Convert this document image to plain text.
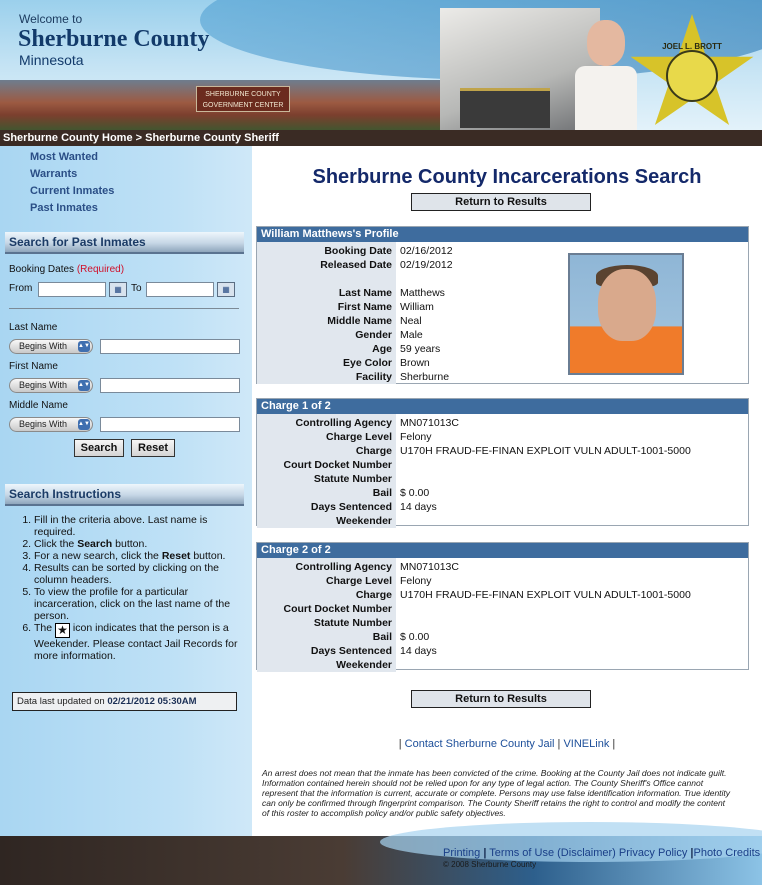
Welcome to
Sherburne County
Minnesota
SHERBURNE COUNTY GOVERNMENT CENTER
JOEL L. BROTT
Sherburne County Home > Sherburne County Sheriff
Most Wanted
Warrants
Current Inmates
Past Inmates
Search for Past Inmates
Booking Dates (Required)
From	▦ To	▦
Last Name
Begins With ▲▼
First Name
Begins With ▲▼
Middle Name
Begins With ▲▼
Search	Reset
Search Instructions
1. Fill in the criteria above. Last name is required.
2. Click the Search button.
3. For a new search, click the Reset button.
4. Results can be sorted by clicking on the column headers.
5. To view the profile for a particular incarceration, click on the last name of the person.
6. The ★ icon indicates that the person is a Weekender. Please contact Jail Records for more information.
Data last updated on 02/21/2012 05:30AM
Sherburne County Incarcerations Search
Return to Results
William Matthews's Profile
Booking Date 02/16/2012
Released Date 02/19/2012
Last Name Matthews
First Name William
Middle Name Neal
Gender Male
Age 59 years
Eye Color Brown
Facility Sherburne
Charge 1 of 2
Controlling Agency MN071013C
Charge Level Felony
Charge U170H FRAUD-FE-FINAN EXPLOIT VULN ADULT-1001-5000
Court Docket Number
Statute Number
Bail $ 0.00
Days Sentenced 14 days
Weekender
Charge 2 of 2
Controlling Agency MN071013C
Charge Level Felony
Charge U170H FRAUD-FE-FINAN EXPLOIT VULN ADULT-1001-5000
Court Docket Number
Statute Number
Bail $ 0.00
Days Sentenced 14 days
Weekender
Return to Results
| Contact Sherburne County Jail | VINELink |
An arrest does not mean that the inmate has been convicted of the crime. Booking at the County Jail does not indicate guilt. Information contained herein should not be relied upon for any type of legal action. The County Sheriff's Office cannot represent that the information is current, accurate or complete. Persons may use false identification information. True identity can only be confirmed through fingerprint comparison. The County Sheriff retains the right to control and modify the content of this roster to accomplish policy and/or public safety objectives.
Printing | Terms of Use (Disclaimer) Privacy Policy |Photo Credits
© 2008 Sherburne County
